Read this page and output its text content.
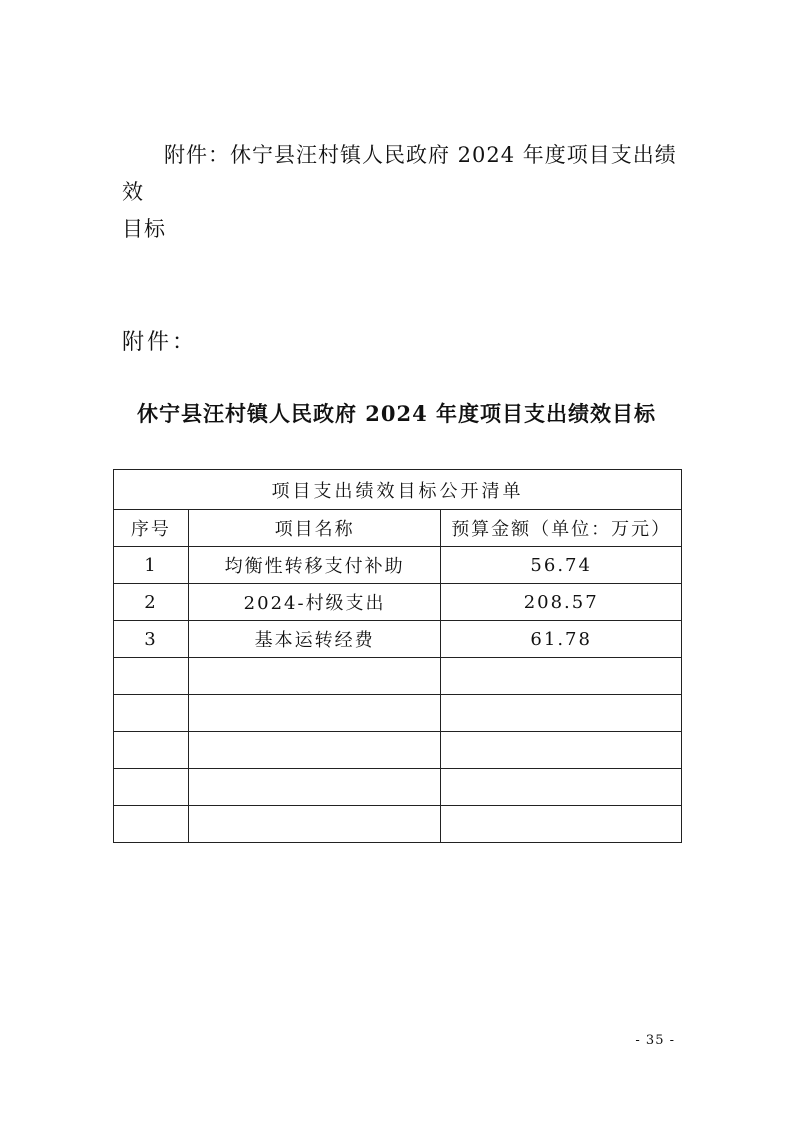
附件：休宁县汪村镇人民政府 2024 年度项目支出绩效
目标
附件：
休宁县汪村镇人民政府 2024 年度项目支出绩效目标
项目支出绩效目标公开清单		
序号	项目名称	预算金额（单位：万元）
1	均衡性转移支付补助	56.74
2	2024-村级支出	208.57
3	基本运转经费	61.78

- 35 -
